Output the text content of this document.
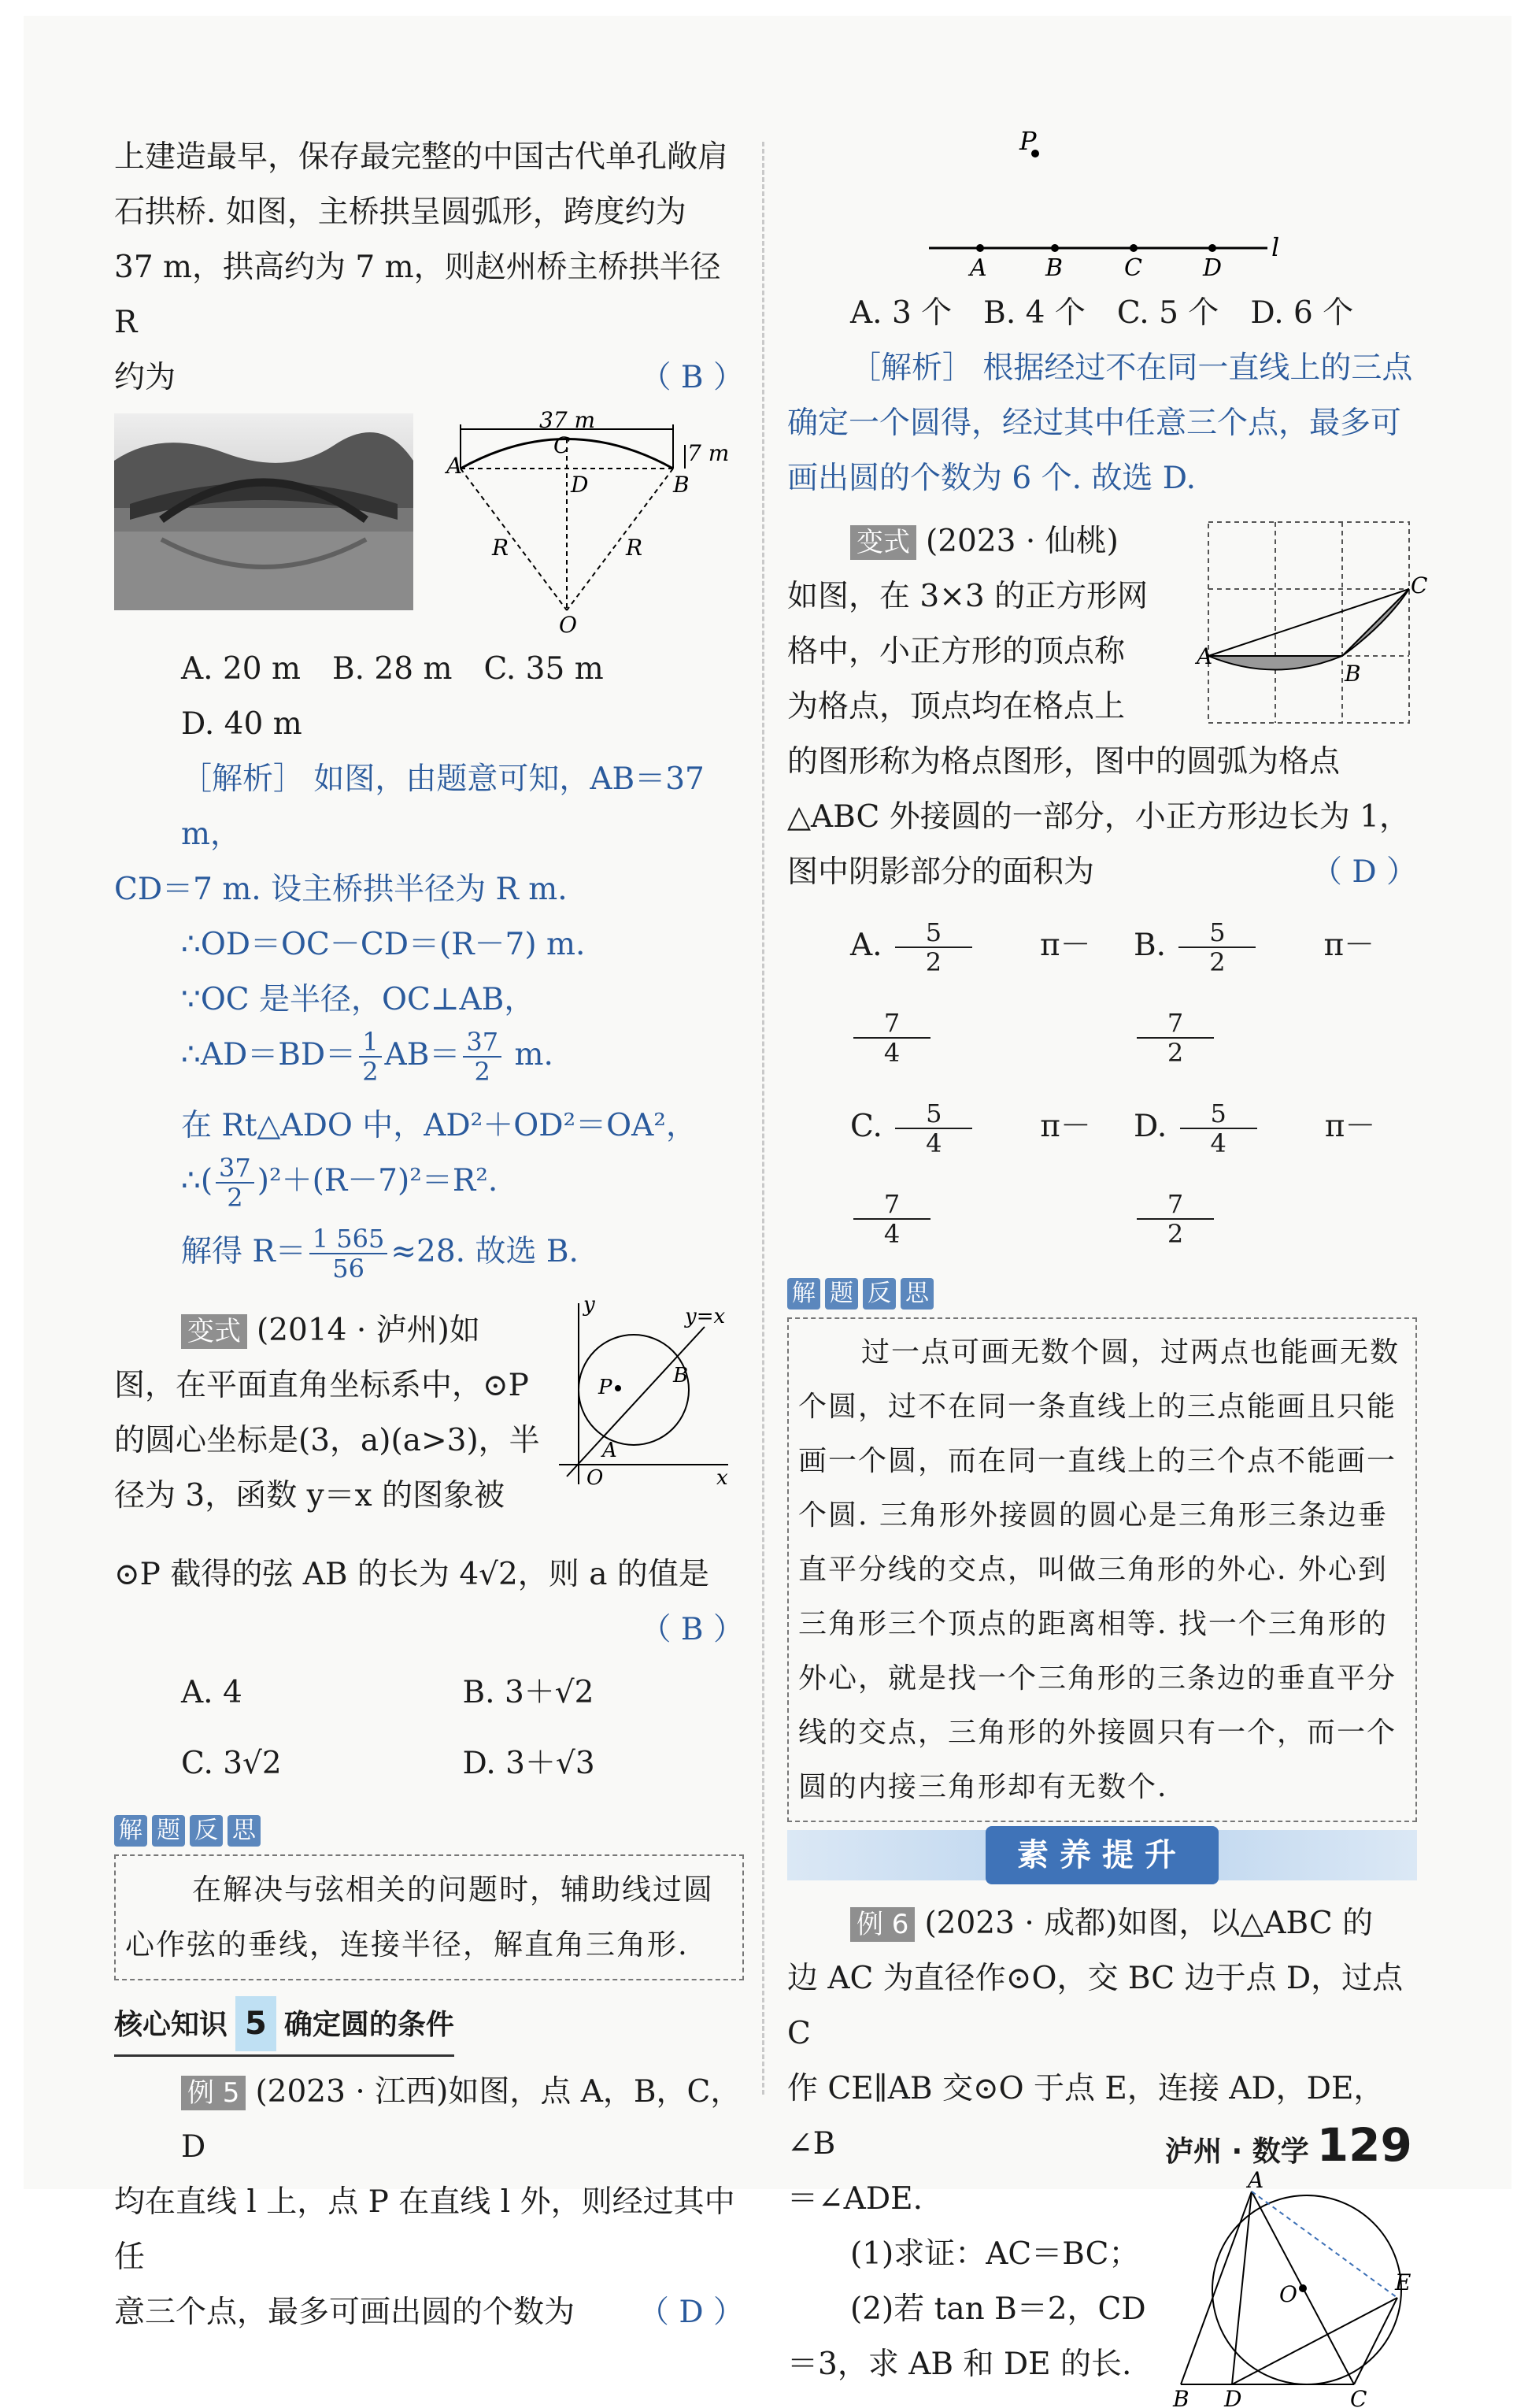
上建造最早，保存最完整的中国古代单孔敞肩
石拱桥. 如图，主桥拱呈圆弧形，跨度约为
37 m，拱高约为 7 m，则赵州桥主桥拱半径 R
约为	（ B ）
37 m
7 m
A
B
C
D
O
R	R
A. 20 m B. 28 m C. 35 m
D. 40 m
［解析］ 如图，由题意可知，AB＝37 m，
CD＝7 m. 设主桥拱半径为 R m.
∴OD＝OC－CD＝(R－7) m.
∵OC 是半径，OC⊥AB，
∴AD＝BD＝ $\frac{1}{2} AB= \frac{37}{2} m$.
在 Rt△ADO 中，AD²＋OD²＝OA²，
∴( $\frac{37}{2} )^2+(R-7)^2=R^2$.
解得 $R= \frac{1 565}{56} \approx 28$. 故选 B.
y	y=x
P	B
A
O	x
变式 (2014 · 泸州)如
图，在平面直角坐标系中，⊙P
的圆心坐标是(3，a)(a>3)，半
径为 3，函数 y＝x 的图象被
⊙P 截得的弦 AB 的长为 4√2，则 a 的值是
（ B ）

A. 4	B. 3＋√2
C. 3√2	D. 3＋√3
解 题 反 思
在解决与弦相关的问题时，辅助线过圆心作弦的垂线，连接半径，解直角三角形.
核心知识 5 确定圆的条件
例 5 (2023 · 江西)如图，点 A，B，C，D
均在直线 l 上，点 P 在直线 l 外，则经过其中任
意三个点，最多可画出圆的个数为 （ D ）
P
A B	C	D
l
A. 3 个 B. 4 个 C. 5 个 D. 6 个
［解析］ 根据经过不在同一直线上的三点
确定一个圆得，经过其中任意三个点，最多可
画出圆的个数为 6 个. 故选 D.
A
B
C
变式 (2023 · 仙桃)
如图，在 3×3 的正方形网
格中，小正方形的顶点称
为格点，顶点均在格点上
的图形称为格点图形，图中的圆弧为格点
△ABC 外接圆的一部分，小正方形边长为 1，
图中阴影部分的面积为	（ D ）
A. $\frac{5}{2} \pi-$
$\frac{7}{4}$
B. $\frac{5}{2} \pi-$
$\frac{7}{2}$
C. $\frac{5}{4} \pi-$
$\frac{7}{4}$
D. $\frac{5}{4} \pi-$
$\frac{7}{2}$
解 题 反 思
过一点可画无数个圆，过两点也能画无数个圆，过不在同一条直线上的三点能画且只能画一个圆，而在同一直线上的三个点不能画一个圆. 三角形外接圆的圆心是三角形三条边垂直平分线的交点，叫做三角形的外心. 外心到三角形三个顶点的距离相等. 找一个三角形的外心，就是找一个三角形的三条边的垂直平分线的交点，三角形的外接圆只有一个，而一个圆的内接三角形却有无数个.
素养提升
例 6 (2023 · 成都)如图，以△ABC 的
边 AC 为直径作⊙O，交 BC 边于点 D，过点 C
作 CE∥AB 交⊙O 于点 E，连接 AD，DE，∠B
A
O	E
B D	C
＝∠ADE.
(1)求证：AC＝BC；
(2)若 tan B＝2，CD
＝3，求 AB 和 DE 的长.
泸州 · 数学 129
